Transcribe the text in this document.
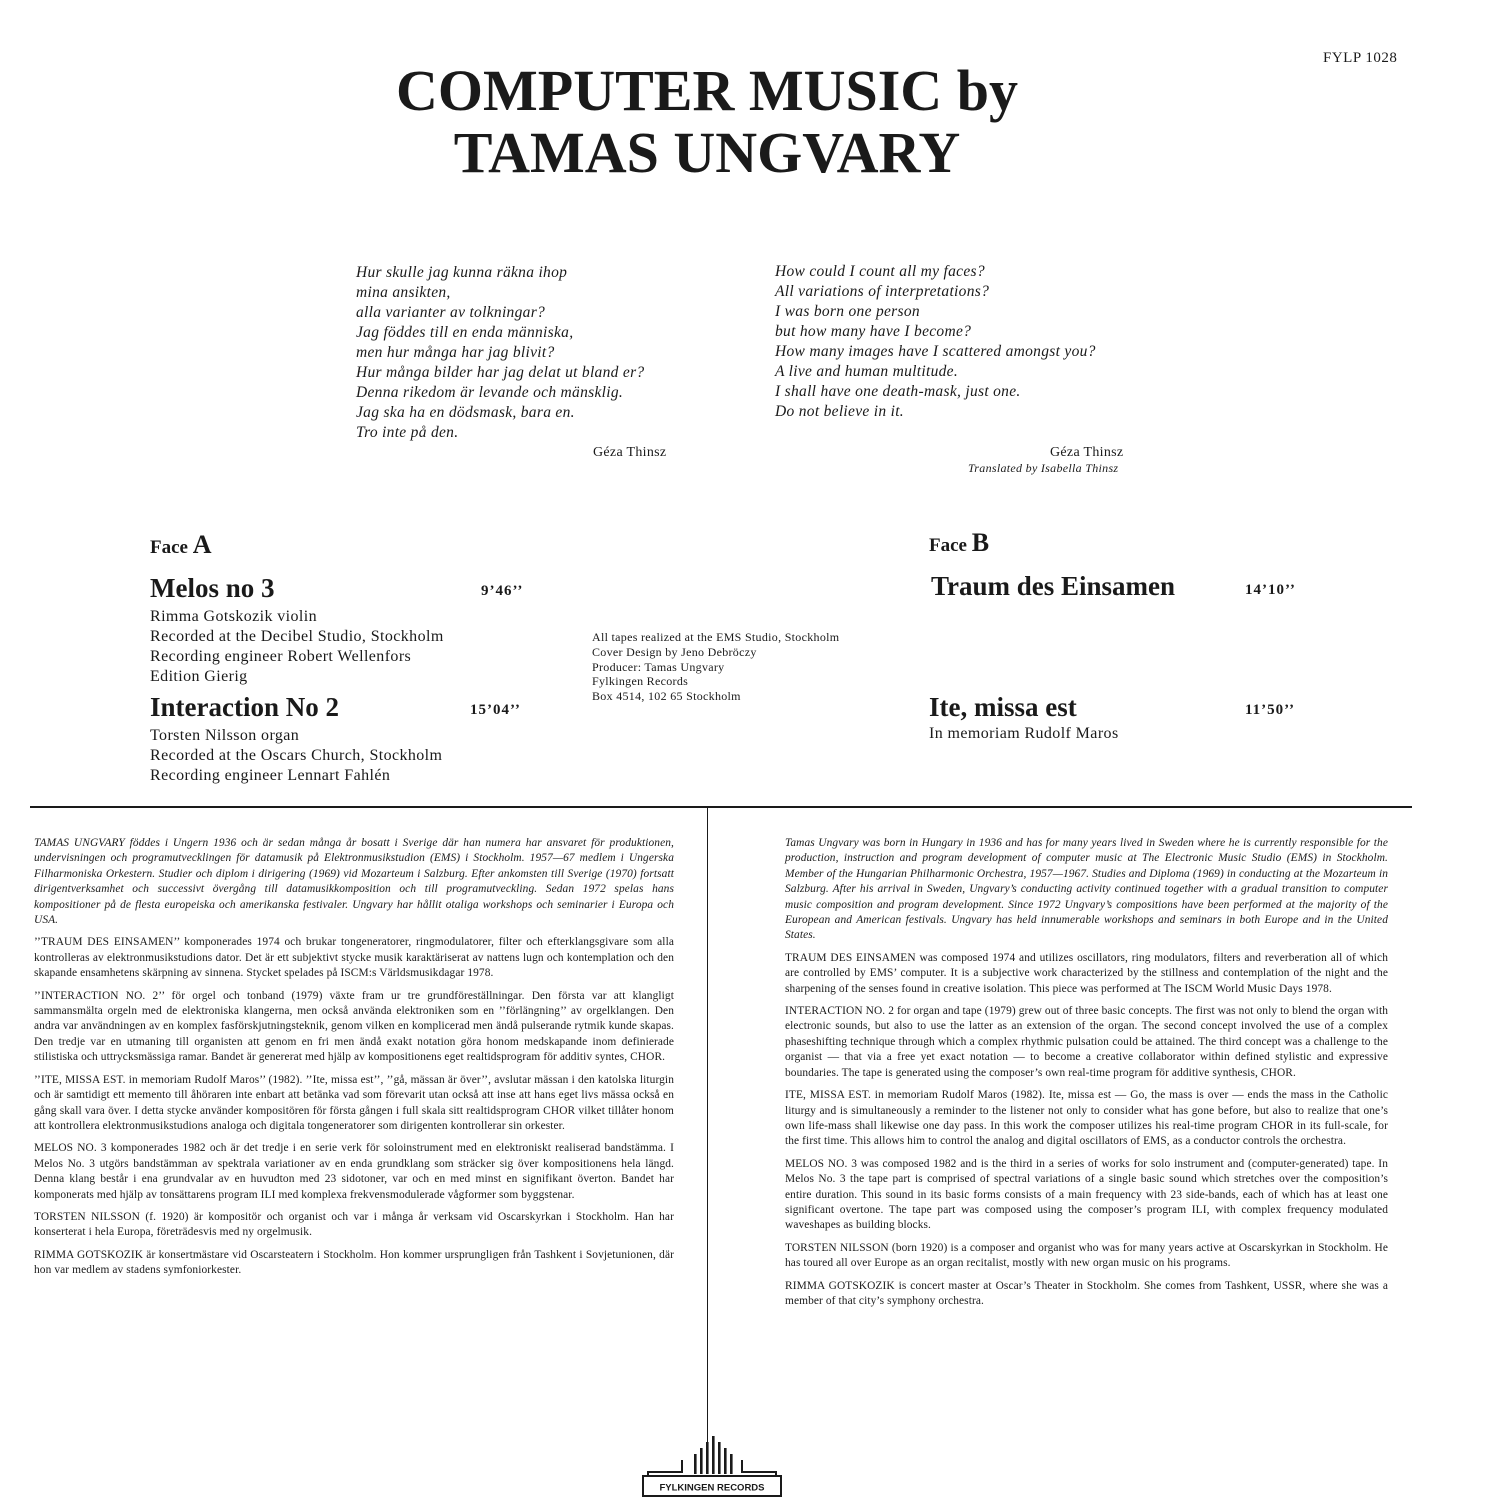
FYLP 1028
COMPUTER MUSIC by
TAMAS UNGVARY
Hur skulle jag kunna räkna ihop
mina ansikten,
alla varianter av tolkningar?
Jag föddes till en enda människa,
men hur många har jag blivit?
Hur många bilder har jag delat ut bland er?
Denna rikedom är levande och mänsklig.
Jag ska ha en dödsmask, bara en.
Tro inte på den.
Géza Thinsz
How could I count all my faces?
All variations of interpretations?
I was born one person
but how many have I become?
How many images have I scattered amongst you?
A live and human multitude.
I shall have one death-mask, just one.
Do not believe in it.
Géza Thinsz
Translated by Isabella Thinsz
Face A
Melos no 3	9’46’’
Rimma Gotskozik violin
Recorded at the Decibel Studio, Stockholm
Recording engineer Robert Wellenfors
Edition Gierig
Interaction No 2	15’04’’
Torsten Nilsson organ
Recorded at the Oscars Church, Stockholm
Recording engineer Lennart Fahlén
All tapes realized at the EMS Studio, Stockholm
Cover Design by Jeno Debröczy
Producer: Tamas Ungvary
Fylkingen Records
Box 4514, 102 65 Stockholm
Face B
Traum des Einsamen	14’10’’
Ite, missa est	11’50’’
In memoriam Rudolf Maros

TAMAS UNGVARY föddes i Ungern 1936 och är sedan många år bosatt i Sverige där han numera har ansvaret för produktionen, undervisningen och programutvecklingen för datamusik på Elektronmusikstudion (EMS) i Stockholm. 1957—67 medlem i Ungerska Filharmoniska Orkestern. Studier och diplom i dirigering (1969) vid Mozarteum i Salzburg. Efter ankomsten till Sverige (1970) fortsatt dirigentverksamhet och successivt övergång till datamusikkomposition och till programutveckling. Sedan 1972 spelas hans kompositioner på de flesta europeiska och amerikanska festivaler. Ungvary har hållit otaliga workshops och seminarier i Europa och USA.

’’TRAUM DES EINSAMEN’’ komponerades 1974 och brukar tongeneratorer, ringmodulatorer, filter och efterklangsgivare som alla kontrolleras av elektronmusikstudions dator. Det är ett subjektivt stycke musik karaktäriserat av nattens lugn och kontemplation och den skapande ensamhetens skärpning av sinnena. Stycket spelades på ISCM:s Världsmusikdagar 1978.

’’INTERACTION NO. 2’’ för orgel och tonband (1979) växte fram ur tre grundföreställningar. Den första var att klangligt sammansmälta orgeln med de elektroniska klangerna, men också använda elektroniken som en ’’förlängning’’ av orgelklangen. Den andra var användningen av en komplex fasförskjutningsteknik, genom vilken en komplicerad men ändå pulserande rytmik kunde skapas. Den tredje var en utmaning till organisten att genom en fri men ändå exakt notation göra honom medskapande inom definierade stilistiska och uttrycksmässiga ramar. Bandet är genererat med hjälp av kompositionens eget realtidsprogram för additiv syntes, CHOR.

’’ITE, MISSA EST. in memoriam Rudolf Maros’’ (1982). ’’Ite, missa est’’, ’’gå, mässan är över’’, avslutar mässan i den katolska liturgin och är samtidigt ett memento till åhöraren inte enbart att betänka vad som förevarit utan också att inse att hans eget livs mässa också en gång skall vara över. I detta stycke använder kompositören för första gången i full skala sitt realtidsprogram CHOR vilket tillåter honom att kontrollera elektronmusikstudions analoga och digitala tongeneratorer som dirigenten kontrollerar sin orkester.

MELOS NO. 3 komponerades 1982 och är det tredje i en serie verk för soloinstrument med en elektroniskt realiserad bandstämma. I Melos No. 3 utgörs bandstämman av spektrala variationer av en enda grundklang som sträcker sig över kompositionens hela längd. Denna klang består i ena grundvalar av en huvudton med 23 sidotoner, var och en med minst en signifikant överton. Bandet har komponerats med hjälp av tonsättarens program ILI med komplexa frekvensmodulerade vågformer som byggstenar.

TORSTEN NILSSON (f. 1920) är kompositör och organist och var i många år verksam vid Oscarskyrkan i Stockholm. Han har konserterat i hela Europa, företrädesvis med ny orgelmusik.

RIMMA GOTSKOZIK är konsertmästare vid Oscarsteatern i Stockholm. Hon kommer ursprungligen från Tashkent i Sovjetunionen, där hon var medlem av stadens symfoniorkester.

Tamas Ungvary was born in Hungary in 1936 and has for many years lived in Sweden where he is currently responsible for the production, instruction and program development of computer music at The Electronic Music Studio (EMS) in Stockholm. Member of the Hungarian Philharmonic Orchestra, 1957—1967. Studies and Diploma (1969) in conducting at the Mozarteum in Salzburg. After his arrival in Sweden, Ungvary’s conducting activity continued together with a gradual transition to computer music composition and program development. Since 1972 Ungvary’s compositions have been performed at the majority of the European and American festivals. Ungvary has held innumerable workshops and seminars in both Europe and in the United States.

TRAUM DES EINSAMEN was composed 1974 and utilizes oscillators, ring modulators, filters and reverberation all of which are controlled by EMS’ computer. It is a subjective work characterized by the stillness and contemplation of the night and the sharpening of the senses found in creative isolation. This piece was performed at The ISCM World Music Days 1978.

INTERACTION NO. 2 for organ and tape (1979) grew out of three basic concepts. The first was not only to blend the organ with electronic sounds, but also to use the latter as an extension of the organ. The second concept involved the use of a complex phaseshifting technique through which a complex rhythmic pulsation could be attained. The third concept was a challenge to the organist — that via a free yet exact notation — to become a creative collaborator within defined stylistic and expressive boundaries. The tape is generated using the composer’s own real-time program för additive synthesis, CHOR.

ITE, MISSA EST. in memoriam Rudolf Maros (1982). Ite, missa est — Go, the mass is over — ends the mass in the Catholic liturgy and is simultaneously a reminder to the listener not only to consider what has gone before, but also to realize that one’s own life-mass shall likewise one day pass. In this work the composer utilizes his real-time program CHOR in its full-scale, for the first time. This allows him to control the analog and digital oscillators of EMS, as a conductor controls the orchestra.

MELOS NO. 3 was composed 1982 and is the third in a series of works for solo instrument and (computer-generated) tape. In Melos No. 3 the tape part is comprised of spectral variations of a single basic sound which stretches over the composition’s entire duration. This sound in its basic forms consists of a main frequency with 23 side-bands, each of which has at least one significant overtone. The tape part was composed using the composer’s program ILI, with complex frequency modulated waveshapes as building blocks.

TORSTEN NILSSON (born 1920) is a composer and organist who was for many years active at Oscarskyrkan in Stockholm. He has toured all over Europe as an organ recitalist, mostly with new organ music on his programs.

RIMMA GOTSKOZIK is concert master at Oscar’s Theater in Stockholm. She comes from Tashkent, USSR, where she was a member of that city’s symphony orchestra.

FYLKINGEN RECORDS
